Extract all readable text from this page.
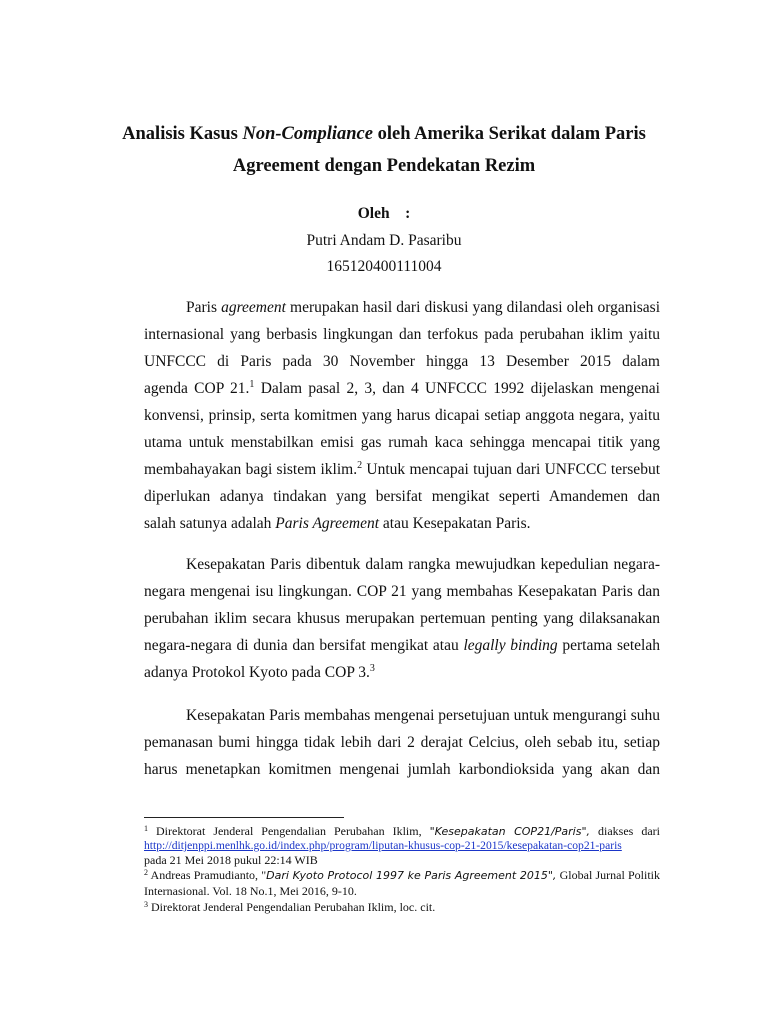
Analisis Kasus Non-Compliance oleh Amerika Serikat dalam Paris
Agreement dengan Pendekatan Rezim
Oleh    :
Putri Andam D. Pasaribu
165120400111004
Paris agreement merupakan hasil dari diskusi yang dilandasi oleh organisasi
internasional yang berbasis lingkungan dan terfokus pada perubahan iklim yaitu
UNFCCC di Paris pada 30 November hingga 13 Desember 2015 dalam
agenda COP 21.$^1$ Dalam pasal 2, 3, dan 4 UNFCCC 1992 dijelaskan mengenai
konvensi, prinsip, serta komitmen yang harus dicapai setiap anggota negara, yaitu
utama untuk menstabilkan emisi gas rumah kaca sehingga mencapai titik yang
membahayakan bagi sistem iklim.$^2$ Untuk mencapai tujuan dari UNFCCC tersebut
diperlukan adanya tindakan yang bersifat mengikat seperti Amandemen dan
salah satunya adalah Paris Agreement atau Kesepakatan Paris.
Kesepakatan Paris dibentuk dalam rangka mewujudkan kepedulian negara-
negara mengenai isu lingkungan. COP 21 yang membahas Kesepakatan Paris dan
perubahan iklim secara khusus merupakan pertemuan penting yang dilaksanakan
negara-negara di dunia dan bersifat mengikat atau legally binding pertama setelah
adanya Protokol Kyoto pada COP 3.$^3$
Kesepakatan Paris membahas mengenai persetujuan untuk mengurangi suhu
pemanasan bumi hingga tidak lebih dari 2 derajat Celcius, oleh sebab itu, setiap
harus menetapkan komitmen mengenai jumlah karbondioksida yang akan dan
$^1$ Direktorat Jenderal Pengendalian Perubahan Iklim, "Kesepakatan COP21/Paris", diakses dari
http://ditjenppi.menlhk.go.id/index.php/program/liputan-khusus-cop-21-2015/kesepakatan-cop21-paris
pada 21 Mei 2018 pukul 22:14 WIB
$^2$ Andreas Pramudianto, "Dari Kyoto Protocol 1997 ke Paris Agreement 2015", Global Jurnal Politik
Internasional. Vol. 18 No.1, Mei 2016, 9-10.
$^3$ Direktorat Jenderal Pengendalian Perubahan Iklim, loc. cit.
